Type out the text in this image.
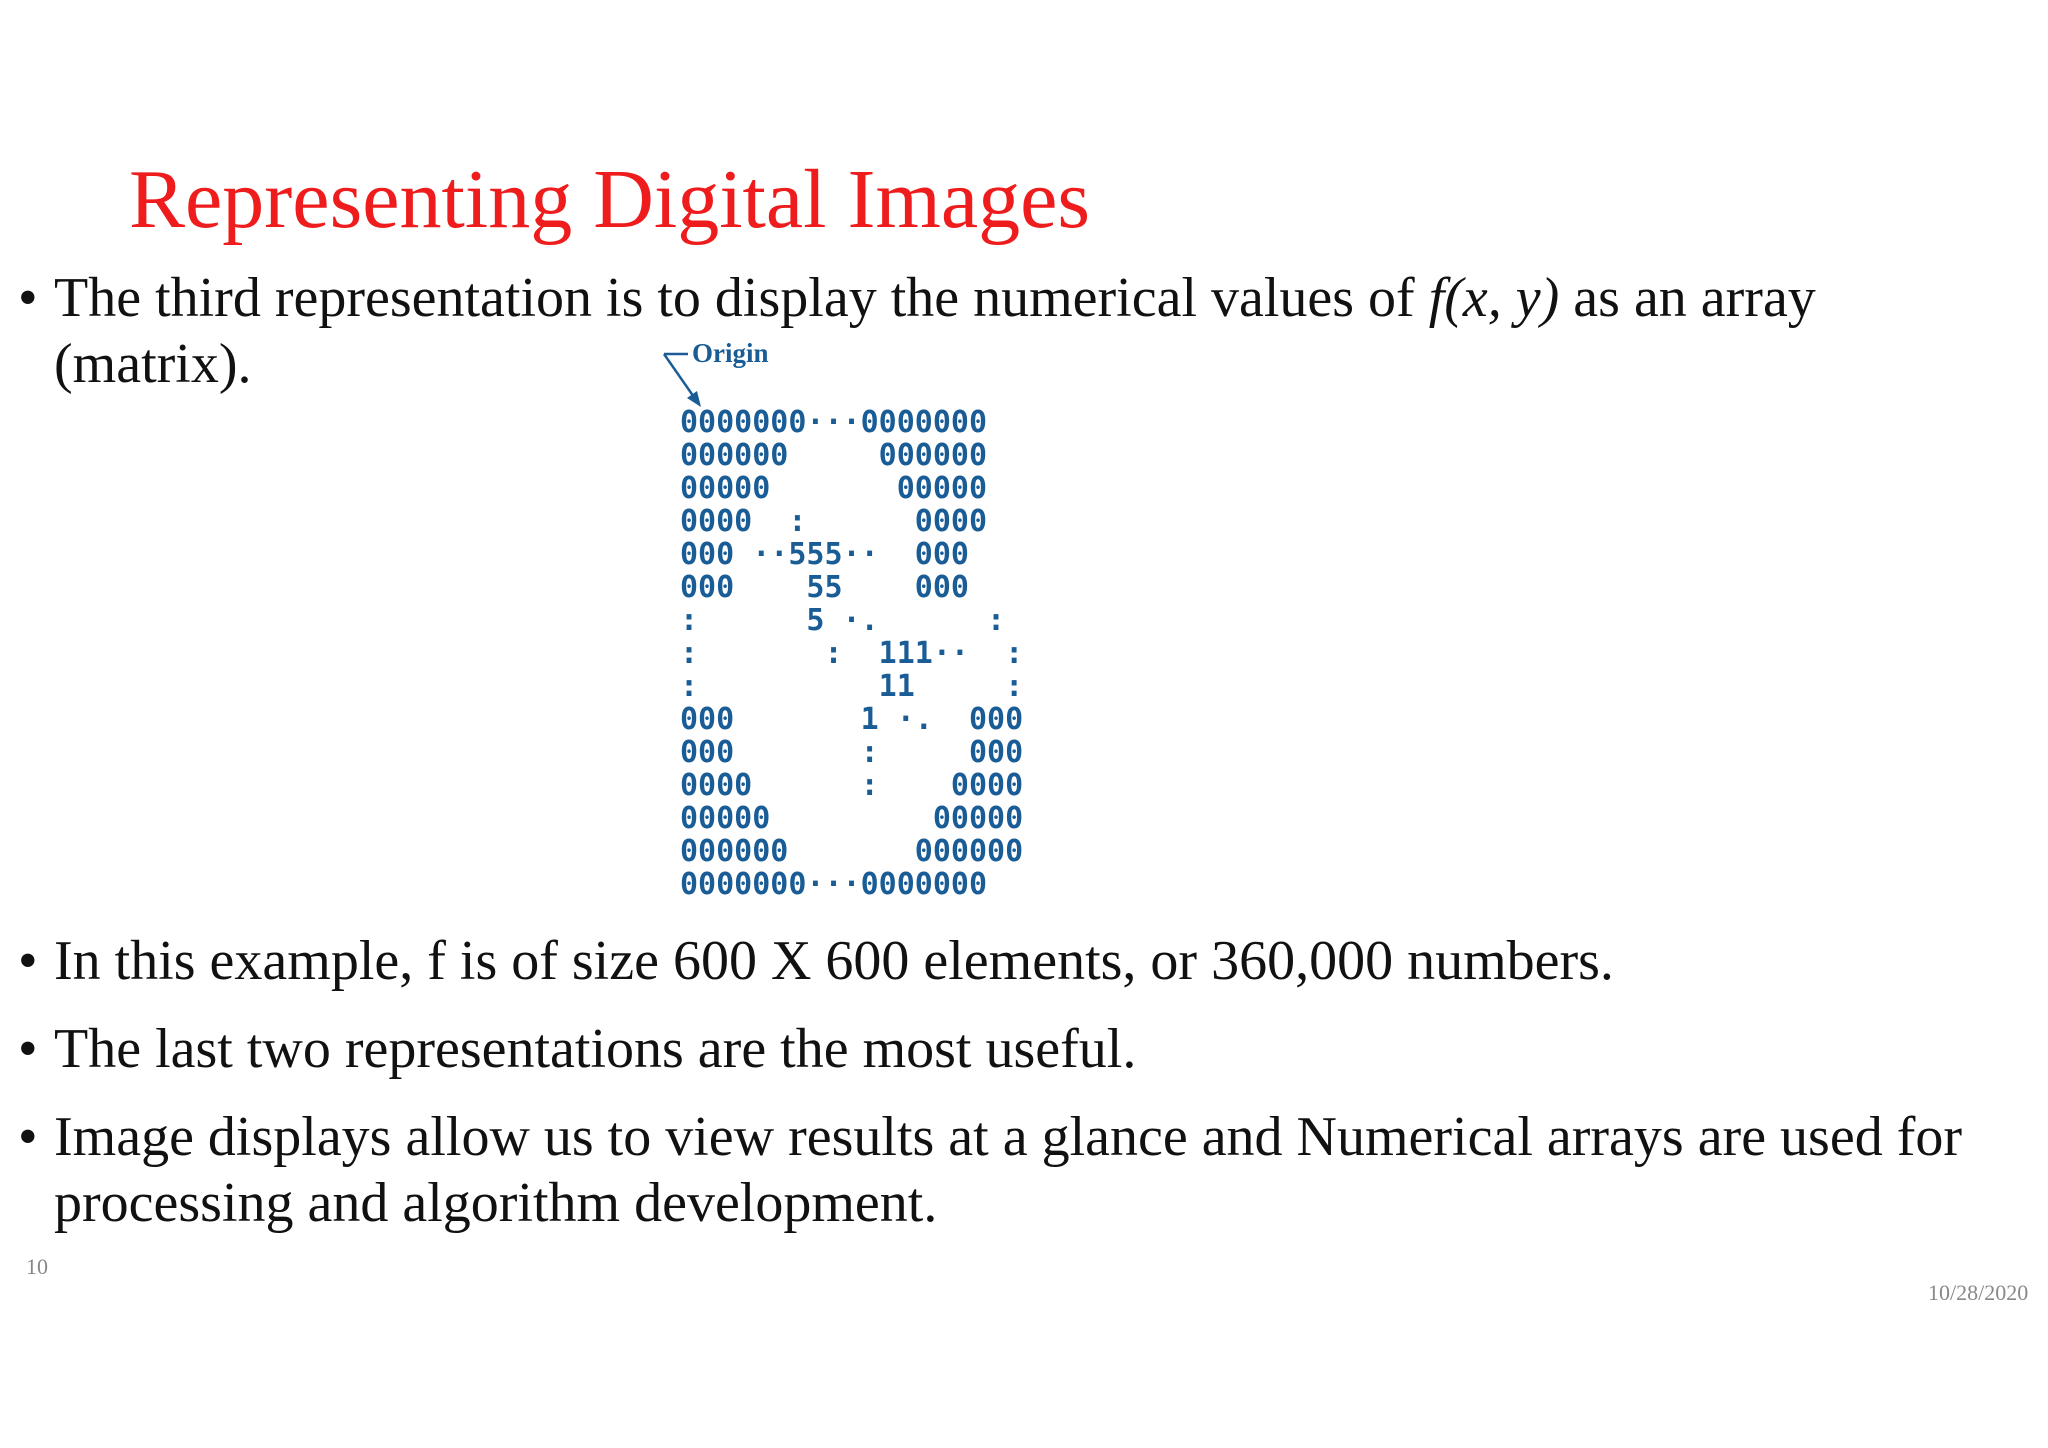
Representing Digital Images
• The third representation is to display the numerical values of f(x, y) as an array (matrix).	Origin
0000000···0000000
000000     000000
00000       00000
0000  :      0000
000 ··555··  000
000    55    000
:      5 ·.      :
:       :  111··  :
:          11     :
000       1 ·.  000
000       :     000
0000      :    0000
00000         00000
000000       000000
0000000···0000000
• In this example, f is of size 600 X 600 elements, or 360,000 numbers.
• The last two representations are the most useful.
• Image displays allow us to view results at a glance and Numerical arrays are used for processing and algorithm development.
10
10/28/2020
